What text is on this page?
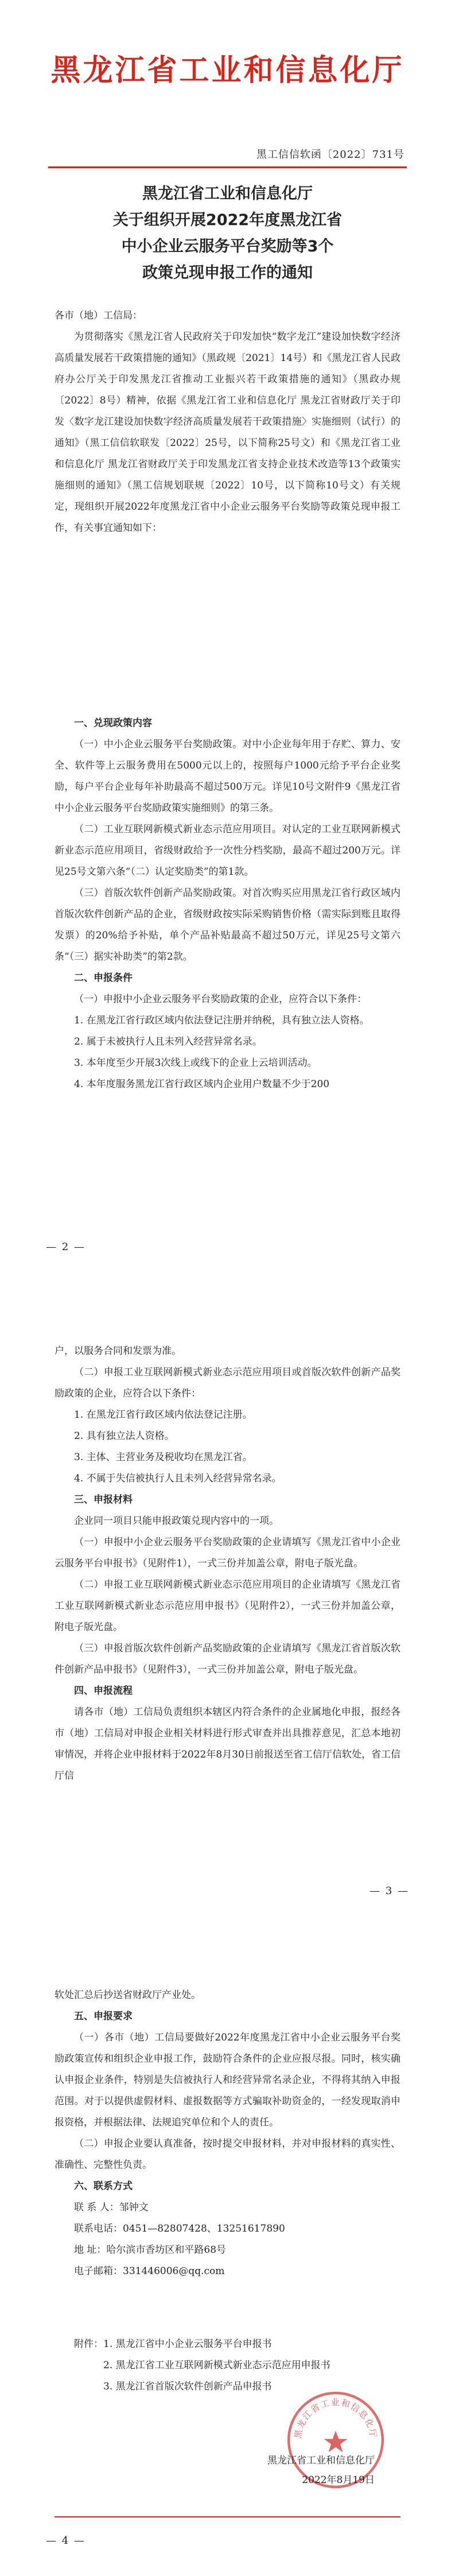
黑龙江省工业和信息化厅
黑工信信软函〔2022〕731号
黑龙江省工业和信息化厅
关于组织开展2022年度黑龙江省
中小企业云服务平台奖励等3个
政策兑现申报工作的通知

各市（地）工信局：

为贯彻落实《黑龙江省人民政府关于印发加快“数字龙江”建设加快数字经济高质量发展若干政策措施的通知》（黑政规〔2021〕14号）和《黑龙江省人民政府办公厅关于印发黑龙江省推动工业振兴若干政策措施的通知》（黑政办规〔2022〕8号）精神，依据《黑龙江省工业和信息化厅 黑龙江省财政厅关于印发〈数字龙江建设加快数字经济高质量发展若干政策措施〉实施细则（试行）的通知》（黑工信信软联发〔2022〕25号，以下简称25号文）和《黑龙江省工业和信息化厅 黑龙江省财政厅关于印发黑龙江省支持企业技术改造等13个政策实施细则的通知》（黑工信规划联规〔2022〕10号，以下简称10号文）有关规定，现组织开展2022年度黑龙江省中小企业云服务平台奖励等政策兑现申报工作，有关事宜通知如下：

一、兑现政策内容

（一）中小企业云服务平台奖励政策。对中小企业每年用于存贮、算力、安全、软件等上云服务费用在5000元以上的，按照每户1000元给予平台企业奖励，每户平台企业每年补助最高不超过500万元。详见10号文附件9《黑龙江省中小企业云服务平台奖励政策实施细则》的第三条。

（二）工业互联网新模式新业态示范应用项目。对认定的工业互联网新模式新业态示范应用项目，省级财政给予一次性分档奖励，最高不超过200万元。详见25号文第六条“（二）认定奖励类”的第1款。

（三）首版次软件创新产品奖励政策。对首次购买应用黑龙江省行政区域内首版次软件创新产品的企业，省级财政按实际采购销售价格（需实际到账且取得发票）的20%给予补贴，单个产品补贴最高不超过50万元，详见25号文第六条“（三）据实补助类”的第2款。

二、申报条件

（一）申报中小企业云服务平台奖励政策的企业，应符合以下条件：

1. 在黑龙江省行政区域内依法登记注册并纳税，具有独立法人资格。

2. 属于未被执行人且未列入经营异常名录。

3. 本年度至少开展3次线上或线下的企业上云培训活动。

4. 本年度服务黑龙江省行政区域内企业用户数量不少于200

— 2 —

户，以服务合同和发票为准。

（二）申报工业互联网新模式新业态示范应用项目或首版次软件创新产品奖励政策的企业，应符合以下条件：

1. 在黑龙江省行政区域内依法登记注册。

2. 具有独立法人资格。

3. 主体、主营业务及税收均在黑龙江省。

4. 不属于失信被执行人且未列入经营异常名录。

三、申报材料

企业同一项目只能申报政策兑现内容中的一项。

（一）申报中小企业云服务平台奖励政策的企业请填写《黑龙江省中小企业云服务平台申报书》（见附件1），一式三份并加盖公章，附电子版光盘。

（二）申报工业互联网新模式新业态示范应用项目的企业请填写《黑龙江省工业互联网新模式新业态示范应用申报书》（见附件2），一式三份并加盖公章，附电子版光盘。

（三）申报首版次软件创新产品奖励政策的企业请填写《黑龙江省首版次软件创新产品申报书》（见附件3），一式三份并加盖公章，附电子版光盘。

四、申报流程

请各市（地）工信局负责组织本辖区内符合条件的企业属地化申报，报经各市（地）工信局对申报企业相关材料进行形式审查并出具推荐意见，汇总本地初审情况，并将企业申报材料于2022年8月30日前报送至省工信厅信软处，省工信厅信

— 3 —

软处汇总后抄送省财政厅产业处。

五、申报要求

（一）各市（地）工信局要做好2022年度黑龙江省中小企业云服务平台奖励政策宣传和组织企业申报工作，鼓励符合条件的企业应报尽报。同时，核实确认申报企业条件，特别是失信被执行人和经营异常名录企业，不得将其纳入申报范围。对于以提供虚假材料、虚报数据等方式骗取补助资金的，一经发现取消申报资格，并根据法律、法规追究单位和个人的责任。

（二）申报企业要认真准备，按时提交申报材料，并对申报材料的真实性、准确性、完整性负责。

六、联系方式

联 系 人：邹钟文

联系电话：0451—82807428、13251617890

地 址：哈尔滨市香坊区和平路68号

电子邮箱：331446006@qq.com

附件：1. 黑龙江省中小企业云服务平台申报书

2. 黑龙江省工业互联网新模式新业态示范应用申报书

3. 黑龙江省首版次软件创新产品申报书

黑龙江省工业和信息化厅
黑龙江省工业和信息化厅
2022年8月19日
— 4 —
